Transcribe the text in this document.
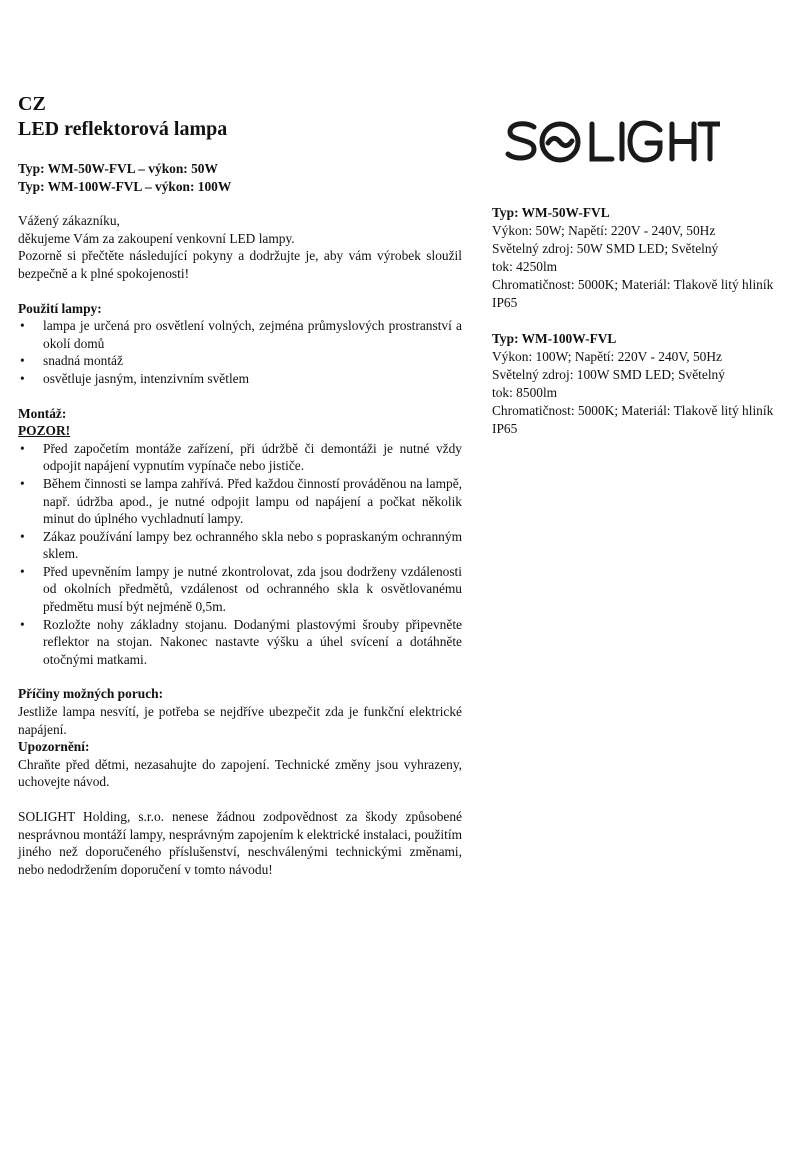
CZ
LED reflektorová lampa

Typ: WM-50W-FVL – výkon: 50W

Typ: WM-100W-FVL – výkon: 100W

Vážený zákazníku,

děkujeme Vám za zakoupení venkovní LED lampy.

Pozorně si přečtěte následující pokyny a dodržujte je, aby vám výrobek sloužil bezpečně a k plné spokojenosti!

Použití lampy:

• lampa je určená pro osvětlení volných, zejména průmyslových prostranství a okolí domů
• snadná montáž
• osvětluje jasným, intenzivním světlem

Montáž:

POZOR!

• Před započetím montáže zařízení, při údržbě či demontáži je nutné vždy odpojit napájení vypnutím vypínače nebo jističe.
• Během činnosti se lampa zahřívá. Před každou činností prováděnou na lampě, např. údržba apod., je nutné odpojit lampu od napájení a počkat několik minut do úplného vychladnutí lampy.
• Zákaz používání lampy bez ochranného skla nebo s popraskaným ochranným sklem.
• Před upevněním lampy je nutné zkontrolovat, zda jsou dodrženy vzdálenosti od okolních předmětů, vzdálenost od ochranného skla k osvětlovanému předmětu musí být nejméně 0,5m.
• Rozložte nohy základny stojanu. Dodanými plastovými šrouby připevněte reflektor na stojan. Nakonec nastavte výšku a úhel svícení a dotáhněte otočnými matkami.

Příčiny možných poruch:

Jestliže lampa nesvítí, je potřeba se nejdříve ubezpečit zda je funkční elektrické napájení.

Upozornění:

Chraňte před dětmi, nezasahujte do zapojení. Technické změny jsou vyhrazeny, uchovejte návod.

SOLIGHT Holding, s.r.o. nenese žádnou zodpovědnost za škody způsobené nesprávnou montáží lampy, nesprávným zapojením k elektrické instalaci, použitím jiného než doporučeného příslušenství, neschválenými technickými změnami, nebo nedodržením doporučení v tomto návodu!

Typ: WM-50W-FVL

Výkon: 50W; Napětí: 220V - 240V, 50Hz

Světelný zdroj: 50W SMD LED; Světelný

tok: 4250lm

Chromatičnost: 5000K; Materiál: Tlakově litý hliník

IP65

Typ: WM-100W-FVL

Výkon: 100W; Napětí: 220V - 240V, 50Hz

Světelný zdroj: 100W SMD LED; Světelný

tok: 8500lm

Chromatičnost: 5000K; Materiál: Tlakově litý hliník

IP65
